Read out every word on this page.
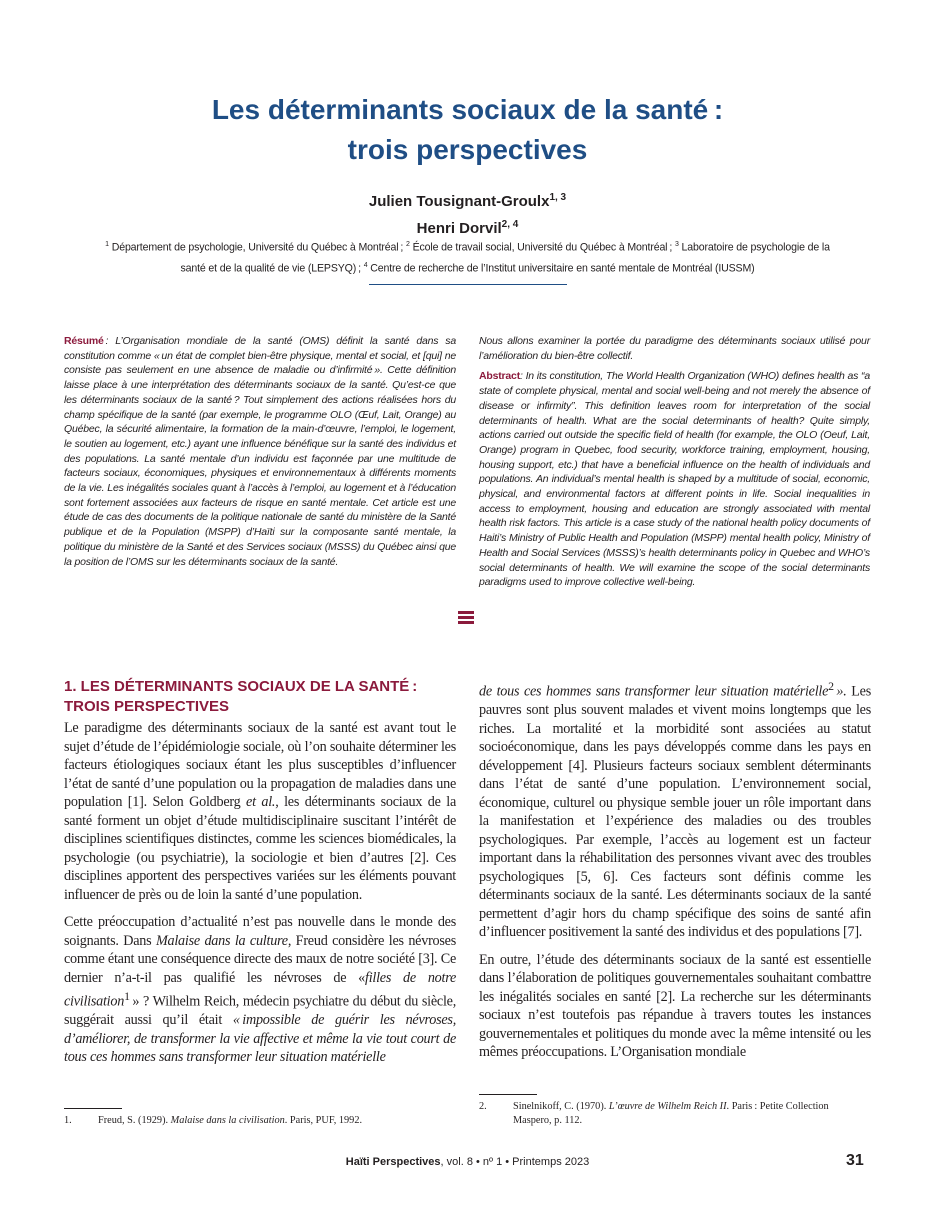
Les déterminants sociaux de la santé :
trois perspectives
Julien Tousignant-Groulx$^{1, 3}$
Henri Dorvil$^{2, 4}$
$^1$ Département de psychologie, Université du Québec à Montréal ; $^2$ École de travail social, Université du Québec à Montréal ; $^3$ Laboratoire de psychologie de la santé et de la qualité de vie (LEPSYQ) ; $^4$ Centre de recherche de l’Institut universitaire en santé mentale de Montréal (IUSSM)

Résumé : L’Organisation mondiale de la santé (OMS) définit la santé dans sa constitution comme « un état de complet bien-être physique, mental et social, et [qui] ne consiste pas seulement en une absence de maladie ou d’infirmité ». Cette définition laisse place à une interprétation des déterminants sociaux de la santé. Qu’est-ce que les déterminants sociaux de la santé ? Tout simplement des actions réalisées hors du champ spécifique de la santé (par exemple, le programme OLO (Œuf, Lait, Orange) au Québec, la sécurité alimentaire, la formation de la main-d’œuvre, l’emploi, le logement, le soutien au logement, etc.) ayant une influence bénéfique sur la santé des individus et des populations. La santé mentale d’un individu est façonnée par une multitude de facteurs sociaux, économiques, physiques et environnementaux à différents moments de la vie. Les inégalités sociales quant à l’accès à l’emploi, au logement et à l’éducation sont fortement associées aux facteurs de risque en santé mentale. Cet article est une étude de cas des documents de la politique nationale de santé du ministère de la Santé publique et de la Population (MSPP) d’Haïti sur la composante santé mentale, la politique du ministère de la Santé et des Services sociaux (MSSS) du Québec ainsi que la position de l’OMS sur les déterminants sociaux de la santé.

Nous allons examiner la portée du paradigme des déterminants sociaux utilisé pour l’amélioration du bien-être collectif.

Abstract: In its constitution, The World Health Organization (WHO) defines health as “a state of complete physical, mental and social well-being and not merely the absence of disease or infirmity”. This definition leaves room for interpretation of the social determinants of health. What are the social determinants of health? Quite simply, actions carried out outside the specific field of health (for example, the OLO (Oeuf, Lait, Orange) program in Quebec, food security, workforce training, employment, housing, housing support, etc.) that have a beneficial influence on the health of individuals and populations. An individual’s mental health is shaped by a multitude of social, economic, physical, and environmental factors at different points in life. Social inequalities in access to employment, housing and education are strongly associated with mental health risk factors. This article is a case study of the national health policy documents of Haiti’s Ministry of Public Health and Population (MSPP) mental health policy, Ministry of Health and Social Services (MSSS)’s health determinants policy in Quebec and WHO’s social determinants of health. We will examine the scope of the social determinants paradigms used to improve collective well-being.

1. LES DÉTERMINANTS SOCIAUX DE LA SANTÉ :
TROIS PERSPECTIVES

Le paradigme des déterminants sociaux de la santé est avant tout le sujet d’étude de l’épidémiologie sociale, où l’on souhaite déterminer les facteurs étiologiques sociaux étant les plus susceptibles d’influencer l’état de santé d’une population ou la propagation de maladies dans une population [1]. Selon Goldberg et al., les déterminants sociaux de la santé forment un objet d’étude multidisciplinaire suscitant l’intérêt de disciplines scientifiques distinctes, comme les sciences biomédicales, la psychologie (ou psychiatrie), la sociologie et bien d’autres [2]. Ces disciplines apportent des perspectives variées sur les éléments pouvant influencer de près ou de loin la santé d’une population.

Cette préoccupation d’actualité n’est pas nouvelle dans le monde des soignants. Dans Malaise dans la culture, Freud considère les névroses comme étant une conséquence directe des maux de notre société [3]. Ce dernier n’a-t-il pas qualifié les névroses de «filles de notre civilisation$^1$ » ? Wilhelm Reich, médecin psychiatre du début du siècle, suggérait aussi qu’il était « impossible de guérir les névroses, d’améliorer, de transformer la vie affective et même la vie tout court de tous ces hommes sans transformer leur situation matérielle

de tous ces hommes sans transformer leur situation matérielle$^2$ ». Les pauvres sont plus souvent malades et vivent moins longtemps que les riches. La mortalité et la morbidité sont associées au statut socioéconomique, dans les pays développés comme dans les pays en développement [4]. Plusieurs facteurs sociaux semblent déterminants dans l’état de santé d’une population. L’environnement social, économique, culturel ou physique semble jouer un rôle important dans la manifestation et l’expérience des maladies ou des troubles psychologiques. Par exemple, l’accès au logement est un facteur important dans la réhabilitation des personnes vivant avec des troubles psychologiques [5, 6]. Ces facteurs sont définis comme les déterminants sociaux de la santé. Les déterminants sociaux de la santé permettent d’agir hors du champ spécifique des soins de santé afin d’influencer positivement la santé des individus et des populations [7].

En outre, l’étude des déterminants sociaux de la santé est essentielle dans l’élaboration de politiques gouvernementales souhaitant combattre les inégalités sociales en santé [2]. La recherche sur les déterminants sociaux n’est toutefois pas répandue à travers toutes les instances gouvernementales et politiques du monde avec la même intensité ou les mêmes préoccupations. L’Organisation mondiale

1.	Freud, S. (1929). Malaise dans la civilisation. Paris, PUF, 1992.
2.	Sinelnikoff, C. (1970). L’œuvre de Wilhelm Reich II. Paris : Petite Collection Maspero, p. 112.
Haïti Perspectives, vol. 8 • nº 1 • Printemps 2023	31
